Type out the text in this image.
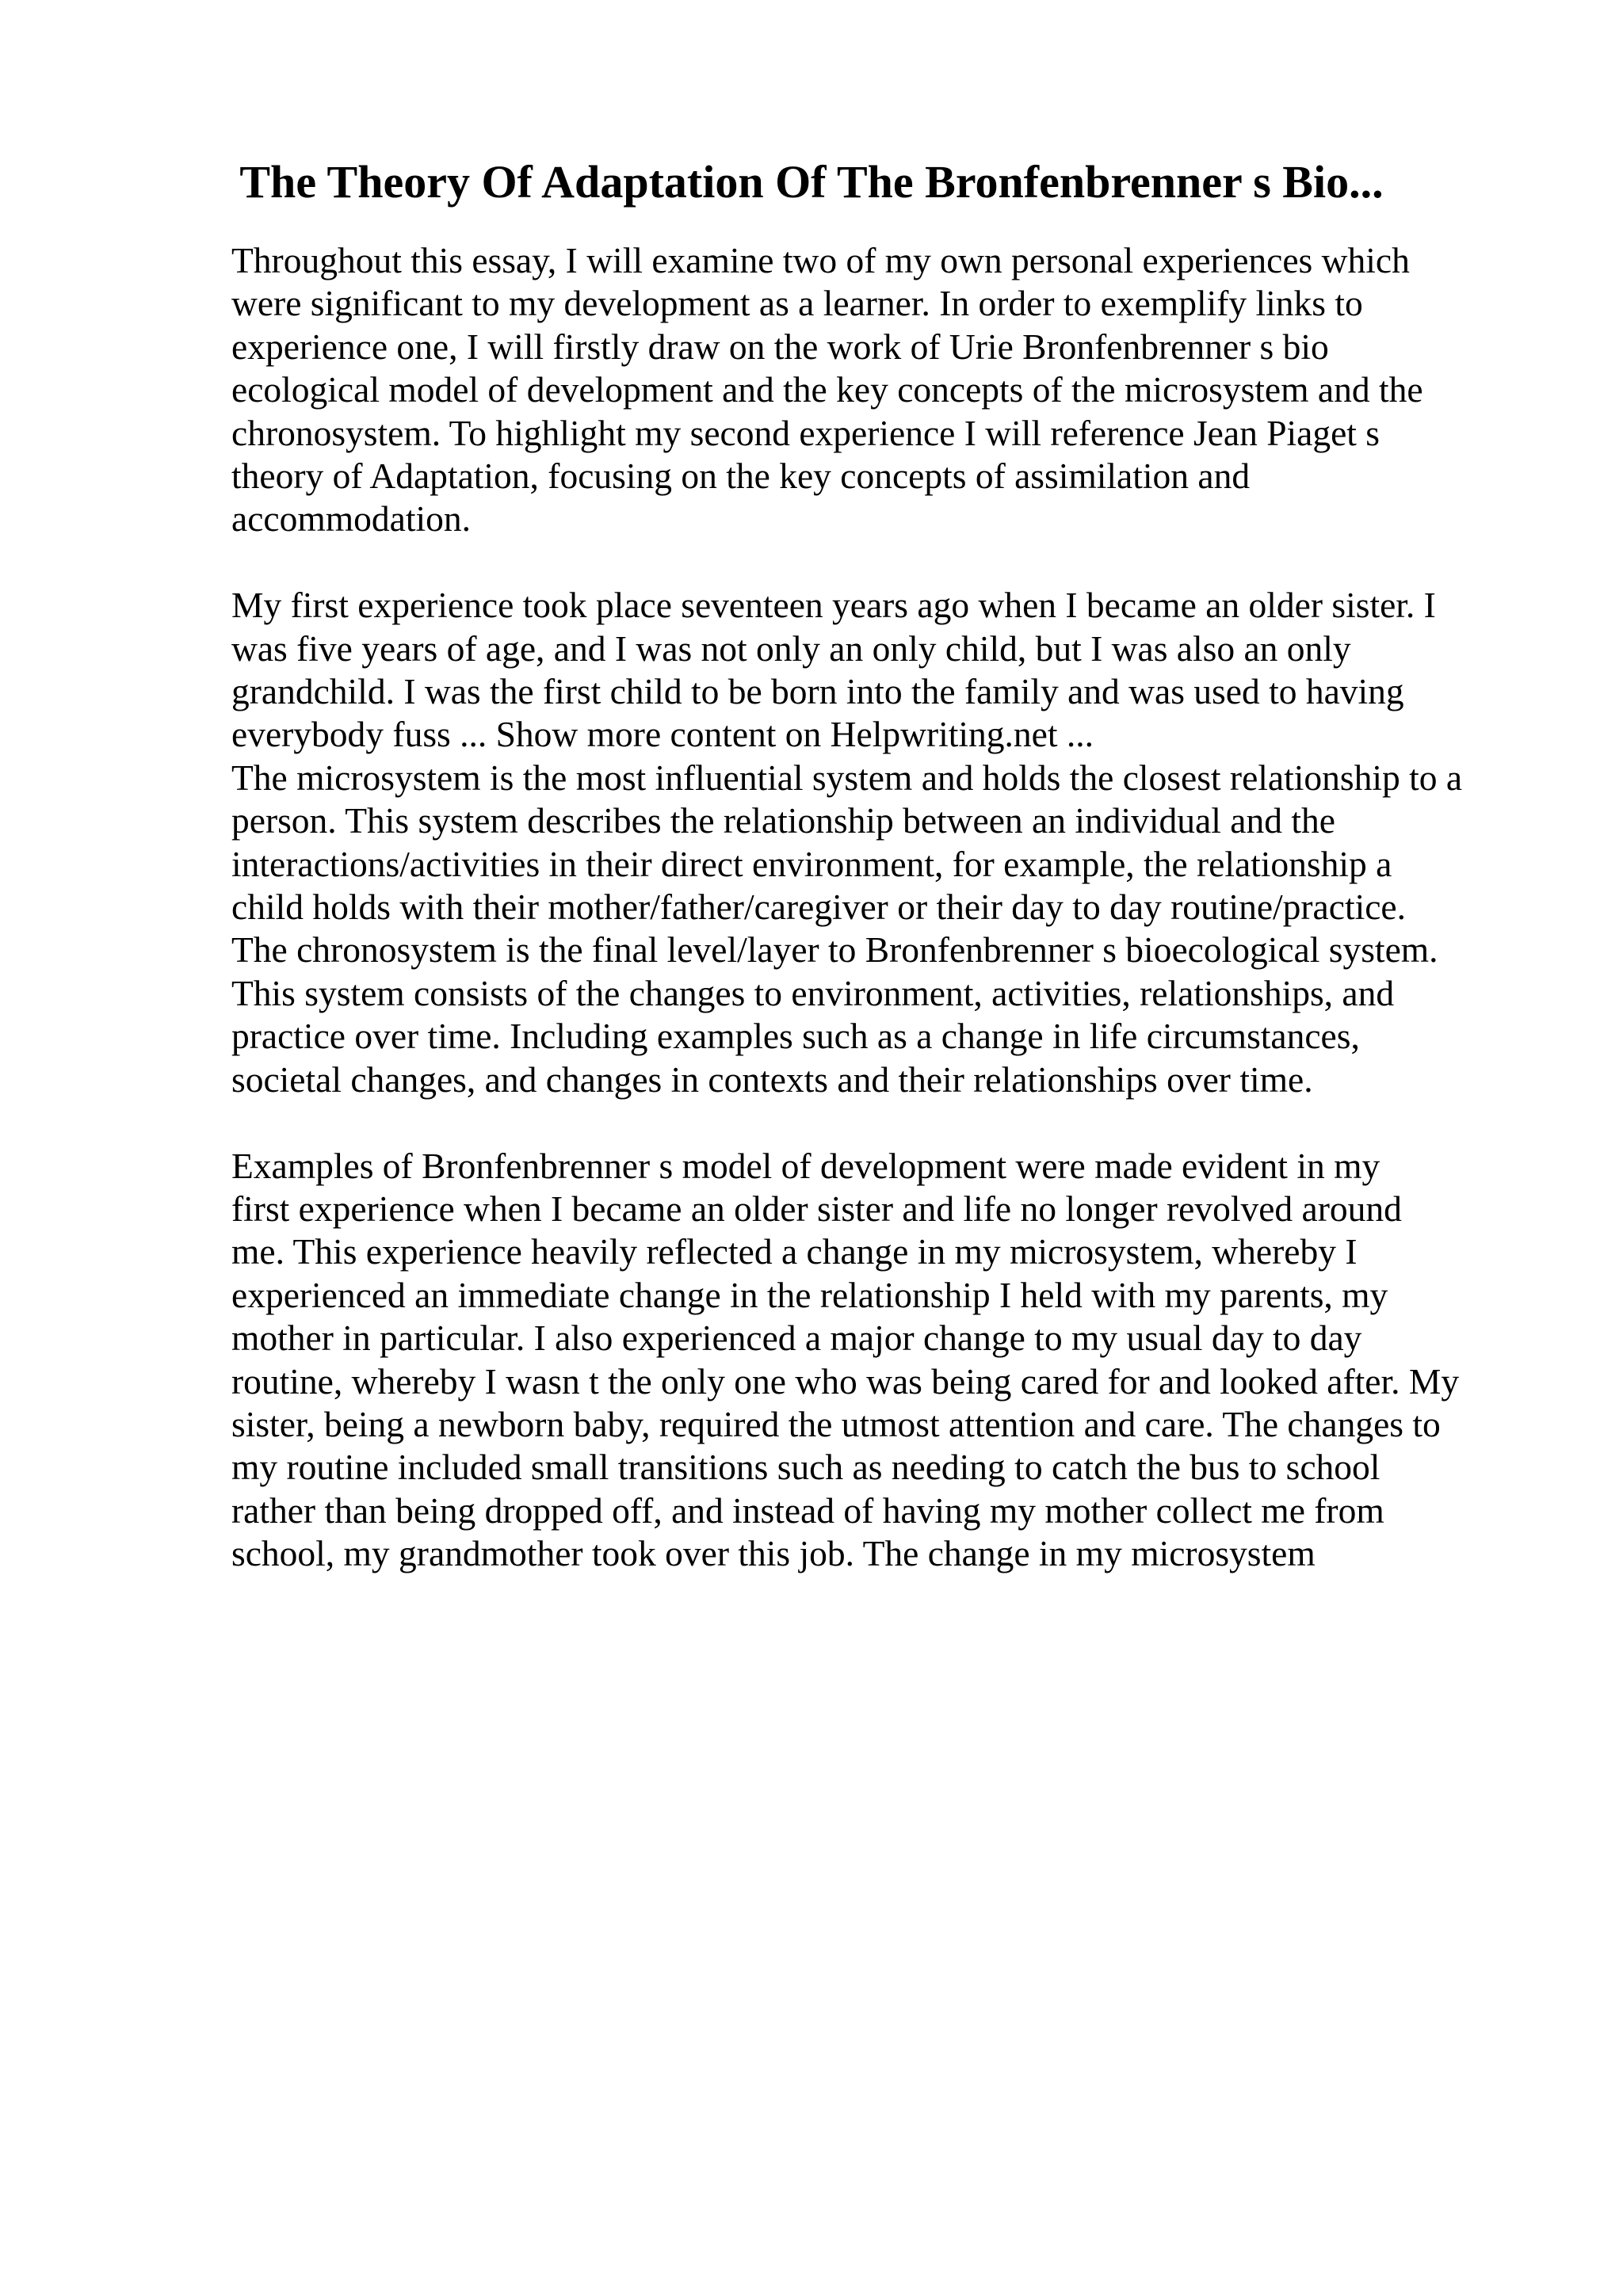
The Theory Of Adaptation Of The Bronfenbrenner s Bio...

Throughout this essay, I will examine two of my own personal experiences which
were significant to my development as a learner. In order to exemplify links to
experience one, I will firstly draw on the work of Urie Bronfenbrenner s bio
ecological model of development and the key concepts of the microsystem and the
chronosystem. To highlight my second experience I will reference Jean Piaget s
theory of Adaptation, focusing on the key concepts of assimilation and
accommodation.

My first experience took place seventeen years ago when I became an older sister. I
was five years of age, and I was not only an only child, but I was also an only
grandchild. I was the first child to be born into the family and was used to having
everybody fuss ... Show more content on Helpwriting.net ...
The microsystem is the most influential system and holds the closest relationship to a
person. This system describes the relationship between an individual and the
interactions/activities in their direct environment, for example, the relationship a
child holds with their mother/father/caregiver or their day to day routine/practice.
The chronosystem is the final level/layer to Bronfenbrenner s bioecological system.
This system consists of the changes to environment, activities, relationships, and
practice over time. Including examples such as a change in life circumstances,
societal changes, and changes in contexts and their relationships over time.

Examples of Bronfenbrenner s model of development were made evident in my
first experience when I became an older sister and life no longer revolved around
me. This experience heavily reflected a change in my microsystem, whereby I
experienced an immediate change in the relationship I held with my parents, my
mother in particular. I also experienced a major change to my usual day to day
routine, whereby I wasn t the only one who was being cared for and looked after. My
sister, being a newborn baby, required the utmost attention and care. The changes to
my routine included small transitions such as needing to catch the bus to school
rather than being dropped off, and instead of having my mother collect me from
school, my grandmother took over this job. The change in my microsystem
